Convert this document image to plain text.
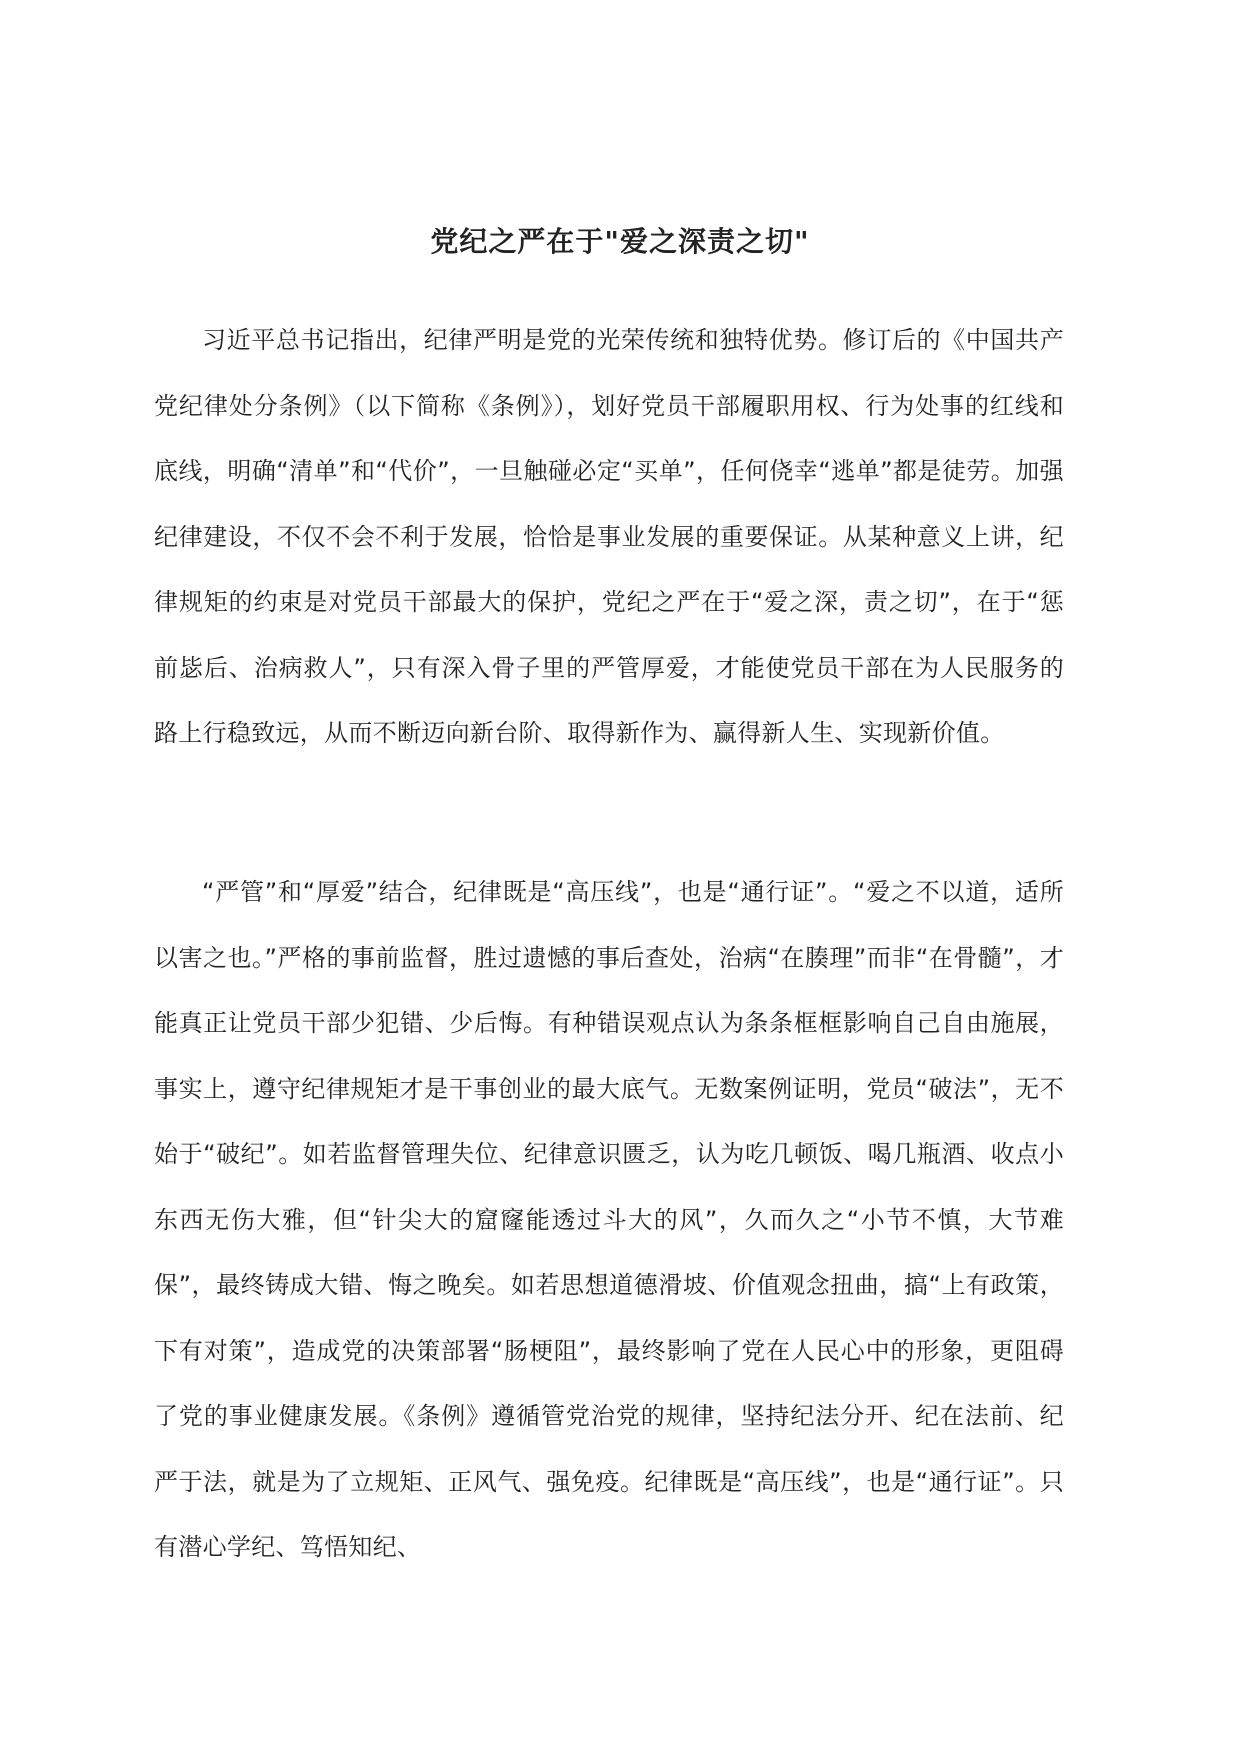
党纪之严在于"爱之深责之切"

习近平总书记指出，纪律严明是党的光荣传统和独特优势。修订后的《中国共产党纪律处分条例》（以下简称《条例》），划好党员干部履职用权、行为处事的红线和底线，明确“清单”和“代价”，一旦触碰必定“买单”，任何侥幸“逃单”都是徒劳。加强纪律建设，不仅不会不利于发展，恰恰是事业发展的重要保证。从某种意义上讲，纪律规矩的约束是对党员干部最大的保护，党纪之严在于“爱之深，责之切”，在于“惩前毖后、治病救人”，只有深入骨子里的严管厚爱，才能使党员干部在为人民服务的路上行稳致远，从而不断迈向新台阶、取得新作为、赢得新人生、实现新价值。

“严管”和“厚爱”结合，纪律既是“高压线”，也是“通行证”。“爱之不以道，适所以害之也。”严格的事前监督，胜过遗憾的事后查处，治病“在腠理”而非“在骨髓”，才能真正让党员干部少犯错、少后悔。有种错误观点认为条条框框影响自己自由施展，事实上，遵守纪律规矩才是干事创业的最大底气。无数案例证明，党员“破法”，无不始于“破纪”。如若监督管理失位、纪律意识匮乏，认为吃几顿饭、喝几瓶酒、收点小东西无伤大雅，但“针尖大的窟窿能透过斗大的风”，久而久之“小节不慎，大节难保”，最终铸成大错、悔之晚矣。如若思想道德滑坡、价值观念扭曲，搞“上有政策，下有对策”，造成党的决策部署“肠梗阻”，最终影响了党在人民心中的形象，更阻碍了党的事业健康发展。《条例》遵循管党治党的规律，坚持纪法分开、纪在法前、纪严于法，就是为了立规矩、正风气、强免疫。纪律既是“高压线”，也是“通行证”。只有潜心学纪、笃悟知纪、
